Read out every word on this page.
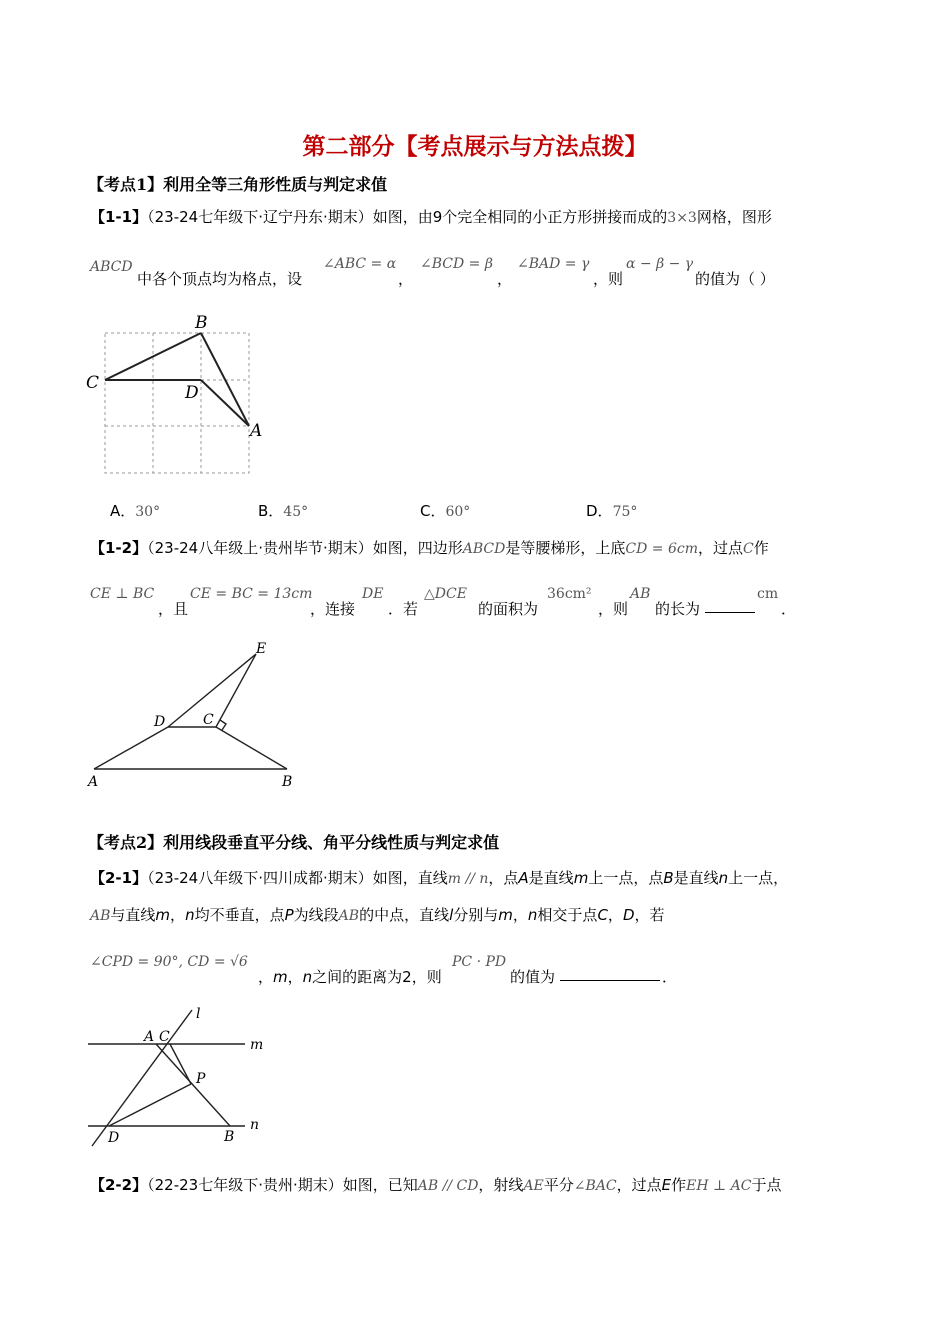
第二部分【考点展示与方法点拨】
【考点1】利用全等三角形性质与判定求值
【1-1】（23-24七年级下·辽宁丹东·期末）如图，由9个完全相同的小正方形拼接而成的3×3网格，图形
ABCD
中各个顶点均为格点，设
∠ABC = α
，
∠BCD = β
，
∠BAD = γ
，则
α − β − γ
的值为（ ）
B
C	D
A
A．30°	B．45°	C．60°	D．75°
【1-2】（23-24八年级上·贵州毕节·期末）如图，四边形ABCD是等腰梯形，上底CD = 6cm，过点C作
CE ⊥ BC
，且
CE = BC = 13cm
，连接
DE
．若
△DCE
的面积为
36cm²
，则
AB
的长为
cm
．
E
D	C
A	B
【考点2】利用线段垂直平分线、角平分线性质与判定求值
【2-1】（23-24八年级下·四川成都·期末）如图，直线m // n，点A是直线m上一点，点B是直线n上一点，
AB与直线m，n均不垂直，点P为线段AB的中点，直线l分别与m，n相交于点C，D，若
∠CPD = 90°, CD = √6
，m，n之间的距离为2，则
PC · PD
的值为	．
l
m
n
A C
P
D	B
【2-2】（22-23七年级下·贵州·期末）如图，已知AB // CD，射线AE平分∠BAC，过点E作EH ⊥ AC于点
